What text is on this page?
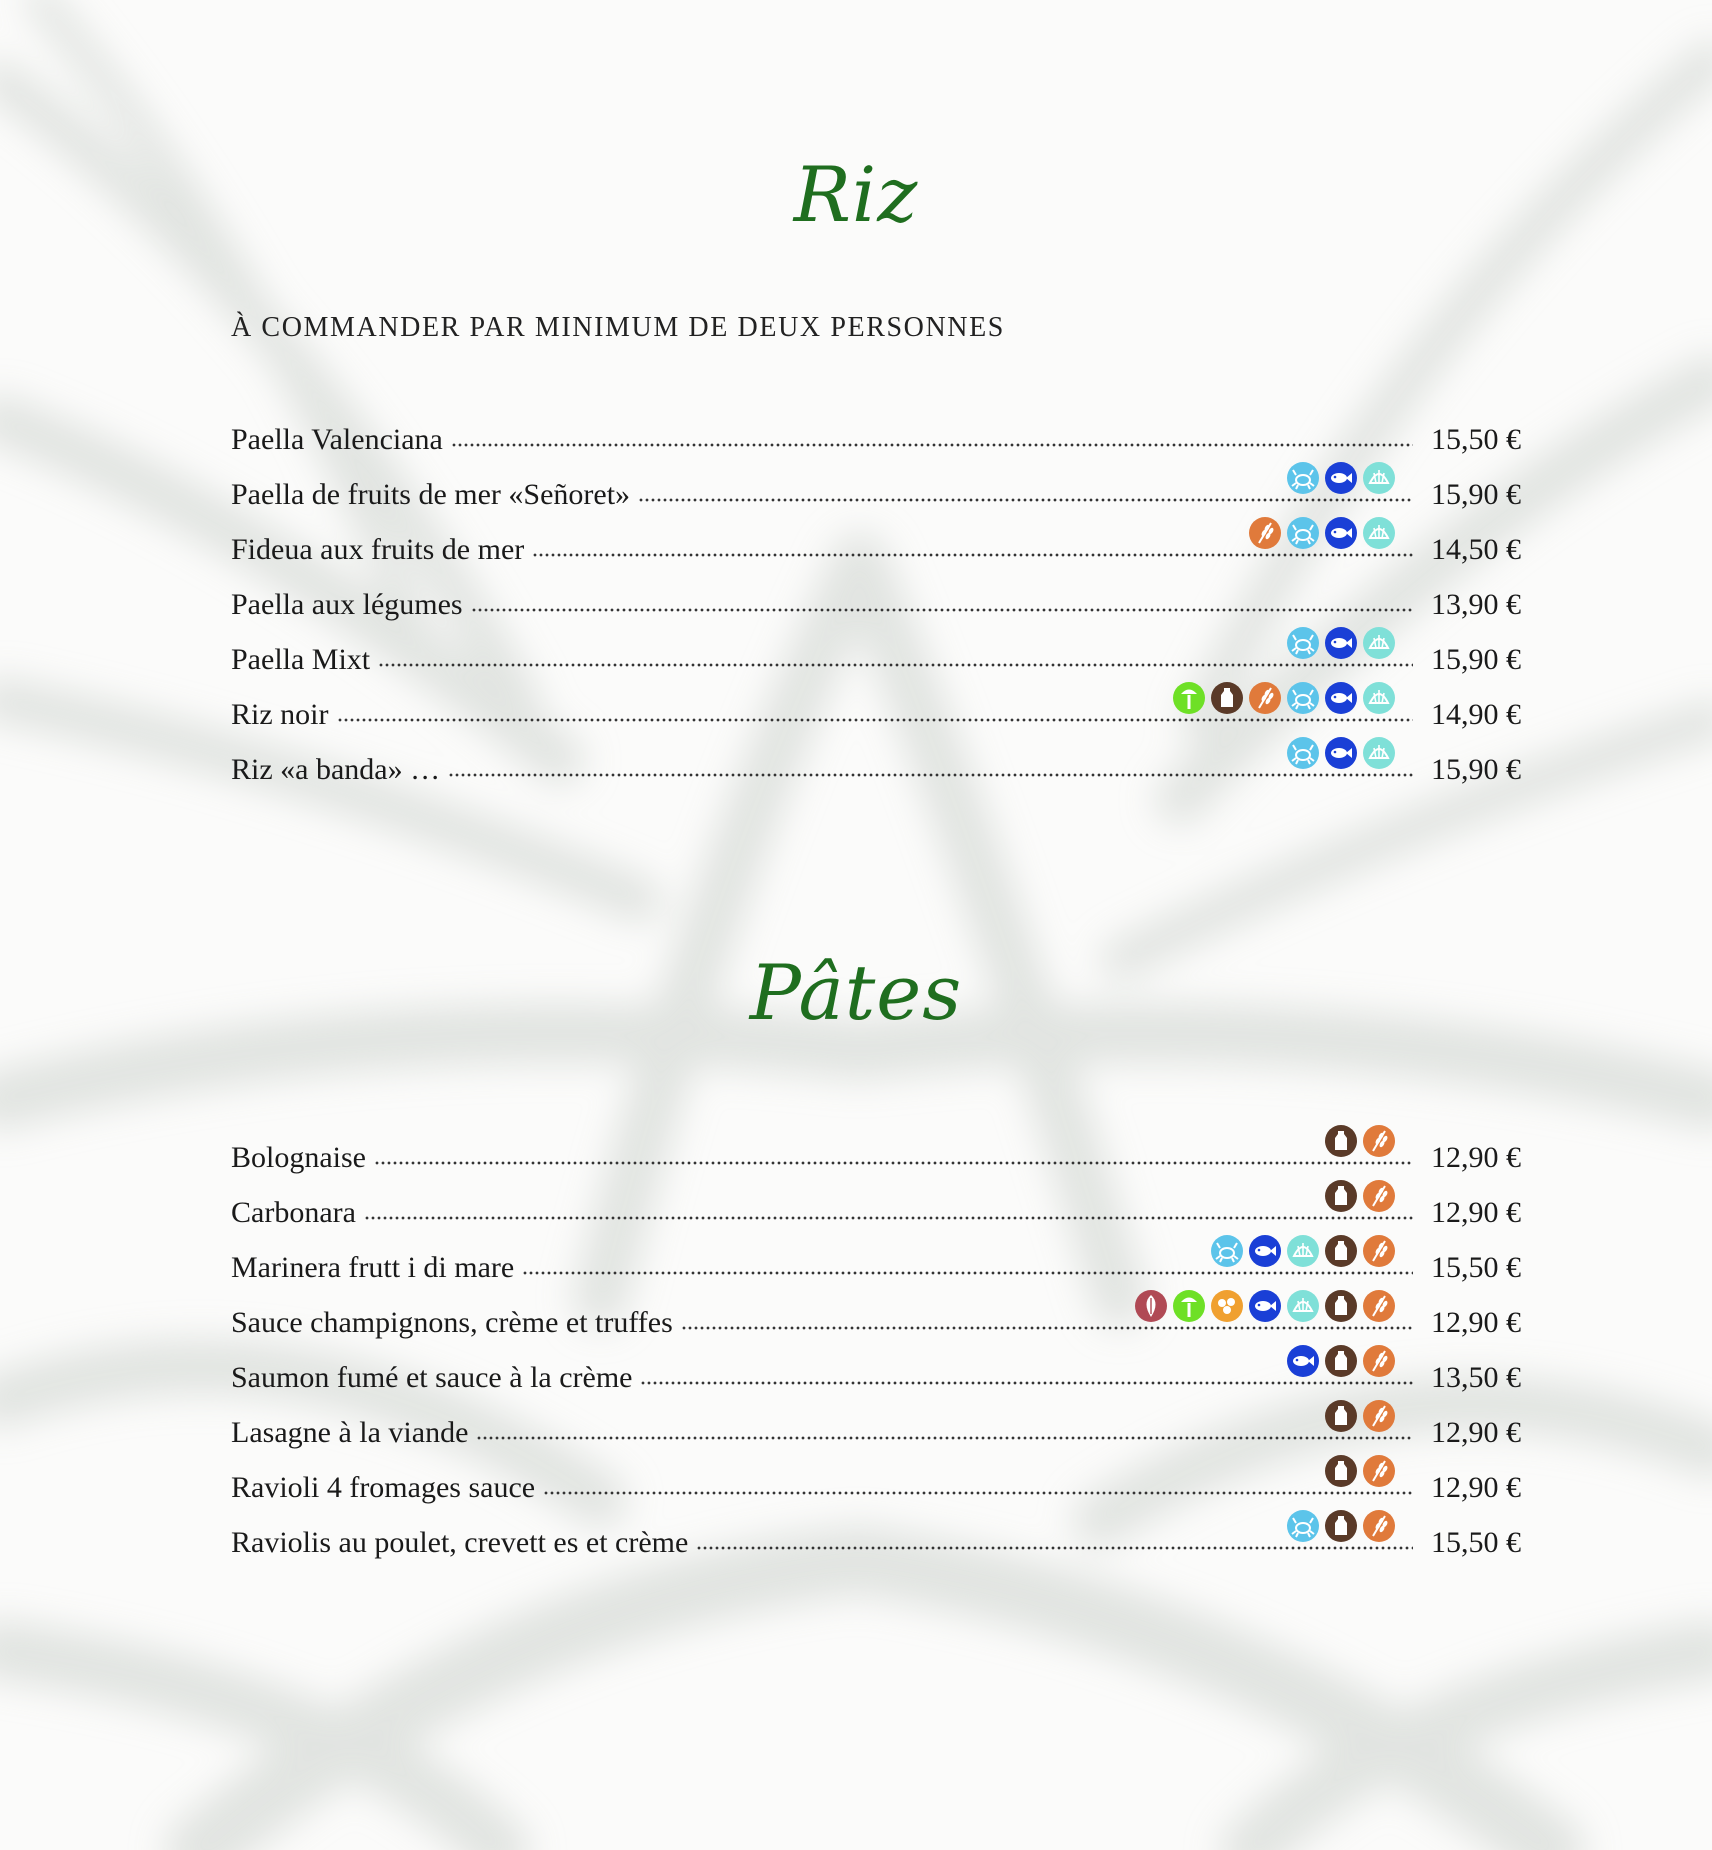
Riz
À COMMANDER PAR MINIMUM DE DEUX PERSONNES
Paella Valenciana	15,50 €
Paella de fruits de mer «Señoret»	15,90 €
Fideua aux fruits de mer	14,50 €
Paella aux légumes	13,90 €
Paella Mixt	15,90 €
Riz noir	14,90 €
Riz «a banda» …	15,90 €
Pâtes
Bolognaise	12,90 €
Carbonara	12,90 €
Marinera frutt i di mare	15,50 €
Sauce champignons, crème et truffes	12,90 €
Saumon fumé et sauce à la crème	13,50 €
Lasagne à la viande	12,90 €
Ravioli 4 fromages sauce	12,90 €
Raviolis au poulet, crevett es et crème	15,50 €
